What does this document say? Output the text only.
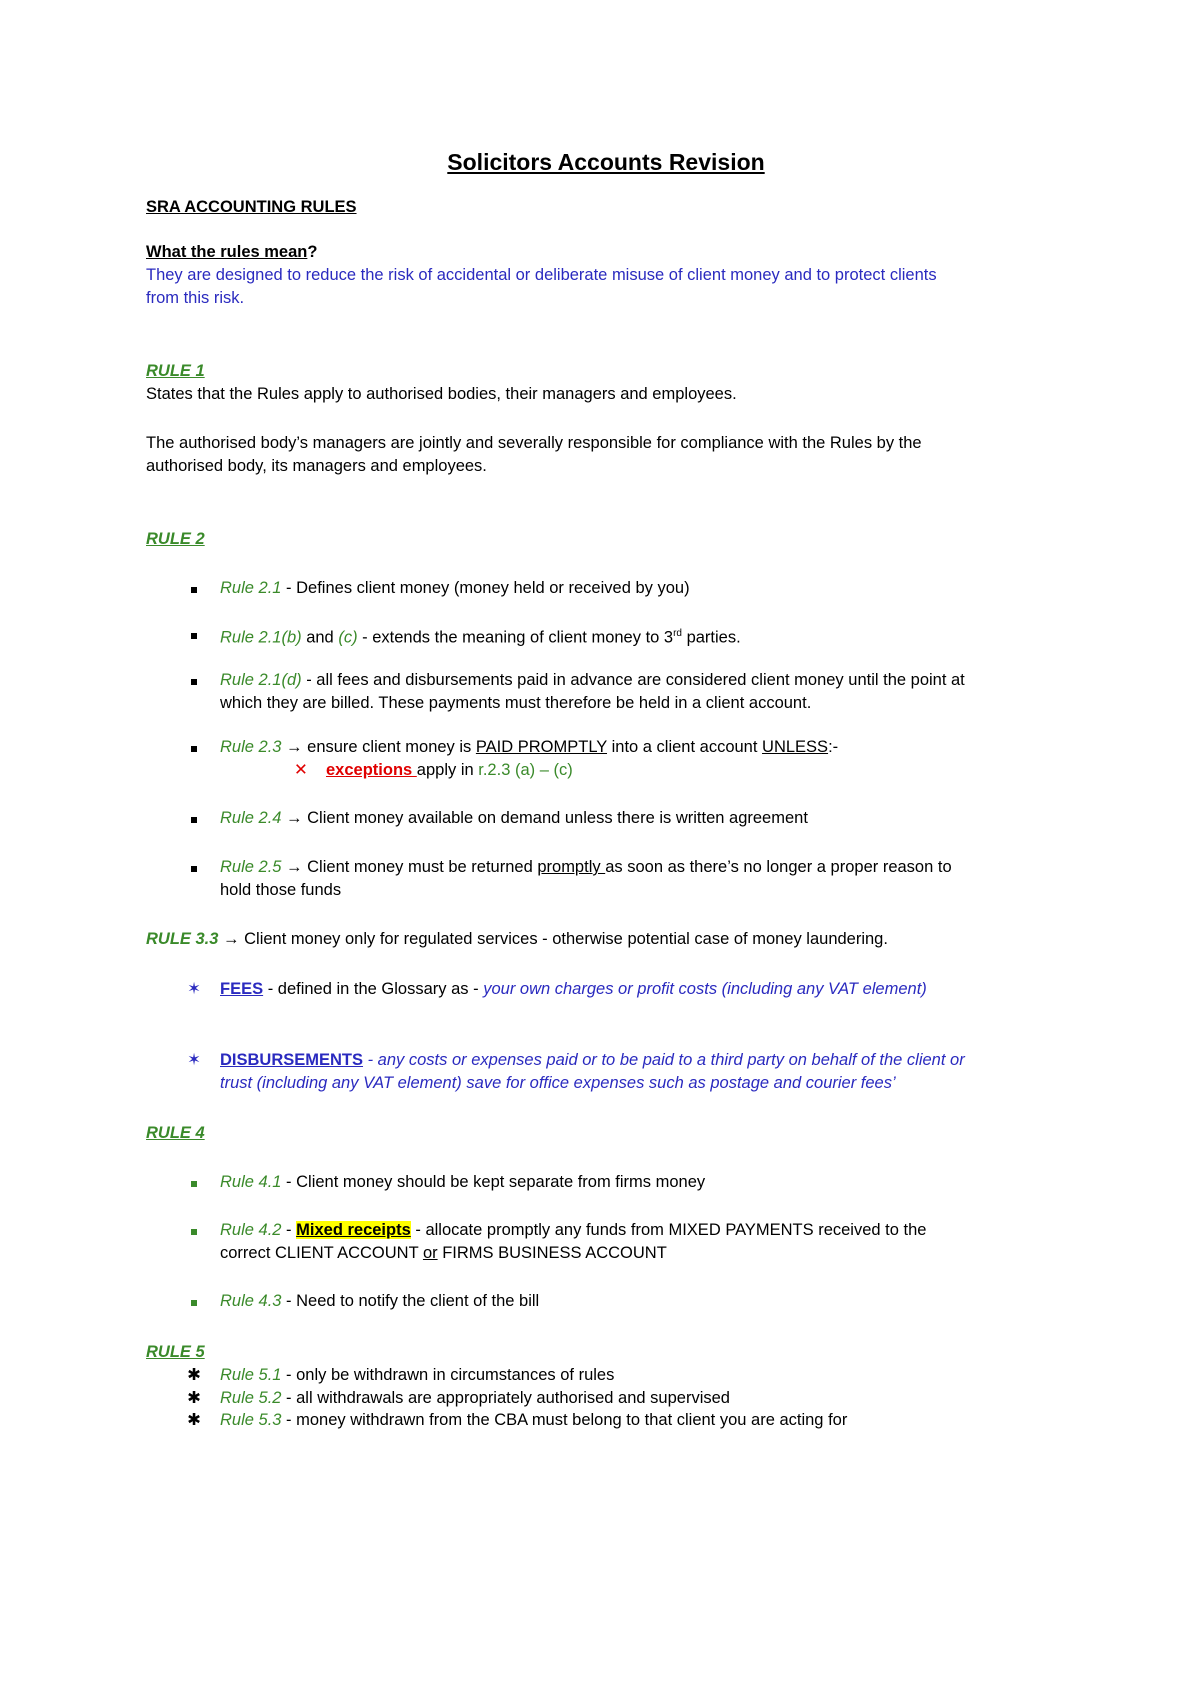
Solicitors Accounts Revision
SRA ACCOUNTING RULES
What the rules mean?
They are designed to reduce the risk of accidental or deliberate misuse of client money and to protect clients
from this risk.
RULE 1
States that the Rules apply to authorised bodies, their managers and employees.
The authorised body’s managers are jointly and severally responsible for compliance with the Rules by the
authorised body, its managers and employees.
RULE 2
Rule 2.1 - Defines client money (money held or received by you)
Rule 2.1(b) and (c) - extends the meaning of client money to 3rd parties.
Rule 2.1(d) - all fees and disbursements paid in advance are considered client money until the point at
which they are billed. These payments must therefore be held in a client account.
Rule 2.3 → ensure client money is PAID PROMPTLY into a client account UNLESS:-
✕ exceptions apply in r.2.3 (a) – (c)
Rule 2.4 → Client money available on demand unless there is written agreement
Rule 2.5 → Client money must be returned promptly as soon as there’s no longer a proper reason to
hold those funds
RULE 3.3 → Client money only for regulated services - otherwise potential case of money laundering.
✶ FEES - defined in the Glossary as - your own charges or profit costs (including any VAT element)
✶ DISBURSEMENTS - any costs or expenses paid or to be paid to a third party on behalf of the client or
trust (including any VAT element) save for office expenses such as postage and courier fees’
RULE 4
Rule 4.1 - Client money should be kept separate from firms money
Rule 4.2 - Mixed receipts - allocate promptly any funds from MIXED PAYMENTS received to the
correct CLIENT ACCOUNT or FIRMS BUSINESS ACCOUNT
Rule 4.3 - Need to notify the client of the bill
RULE 5
✱ Rule 5.1 - only be withdrawn in circumstances of rules
✱ Rule 5.2 - all withdrawals are appropriately authorised and supervised
✱ Rule 5.3 - money withdrawn from the CBA must belong to that client you are acting for
